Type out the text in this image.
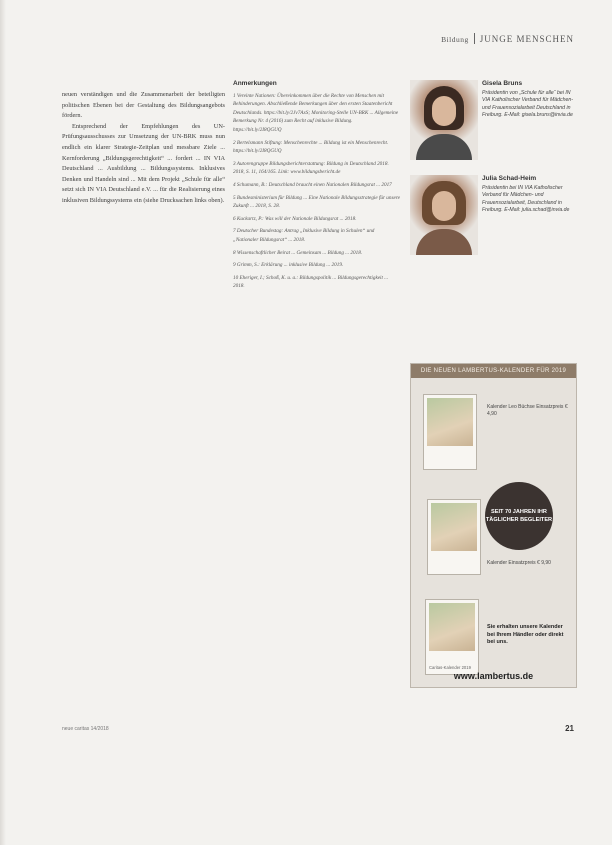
Bildung JUNGE MENSCHEN

neuen verständigen und die Zusammenarbeit der beteiligten politischen Ebenen bei der Gestaltung des Bildungsangebots fördern.

Entsprechend der Empfehlungen des UN-Prüfungsausschusses zur Umsetzung der UN-BRK muss nun endlich ein klarer Strategie-Zeitplan und messbare Ziele ... Kernforderung „Bildungsgerechtigkeit“ ... fordert ... IN VIA Deutschland ... Ausbildung ... Bildungssystems. Inklusives Denken und Handeln sind ... Mit dem Projekt „Schule für alle“ setzt sich IN VIA Deutschland e.V. ... für die Realisierung eines inklusiven Bildungssystems ein (siehe Drucksachen links oben).

Anmerkungen

1 Vereinte Nationen: Übereinkommen über die Rechte von Menschen mit Behinderungen. Abschließende Bemerkungen über den ersten Staatenbericht Deutschlands. https://bit.ly/2Jv7AxS; Monitoring-Stelle UN-BRK ... Allgemeine Bemerkung Nr. 4 (2016) zum Recht auf inklusive Bildung. https://bit.ly/2I8QGUQ

2 Bertelsmann Stiftung: Menschenrechte ... Bildung ist ein Menschenrecht. https://bit.ly/2I8QGUQ

3 Autorengruppe Bildungsberichterstattung: Bildung in Deutschland 2018. 2018, S. 11, 164/165. Link: www.bildungsbericht.de

4 Schumann, B.: Deutschland braucht einen Nationalen Bildungsrat ... 2017

5 Bundesministerium für Bildung ... Eine Nationale Bildungsstrategie für unsere Zukunft ... 2018, S. 28.

6 Kuckartz, P.: Was will der Nationale Bildungsrat ... 2018.

7 Deutscher Bundestag: Antrag „Inklusive Bildung in Schulen“ und „Nationaler Bildungsrat“ ... 2018.

8 Wissenschaftlicher Beirat ... Gemeinsam ... Bildung ... 2018.

9 Grimm, S.: Erklärung ... inklusive Bildung ... 2019.

10 Eheriger, I.; Schoß, K. u. a.: Bildungspolitik ... Bildungsgerechtigkeit ... 2018.

Gisela Bruns
Präsidentin von „Schule für alle“ bei IN VIA Katholischer Verband für Mädchen- und Frauensozialarbeit Deutschland in Freiburg. E-Mail: gisela.bruns@invia.de
Julia Schad-Heim
Präsidentin bei IN VIA Katholischer Verband für Mädchen- und Frauensozialarbeit, Deutschland in Freiburg. E-Mail: julia.schad@invia.de
DIE NEUEN LAMBERTUS-KALENDER FÜR 2019
Kalender Leo Büchse Einsatzpreis € 4,90
SEIT 70 JAHREN IHR TÄGLICHER BEGLEITER
Kalender Einsatzpreis € 9,90
Caritas-Kalender 2019
Sie erhalten unsere Kalender bei Ihrem Händler oder direkt bei uns.
www.lambertus.de
neue caritas 14/2018	21
